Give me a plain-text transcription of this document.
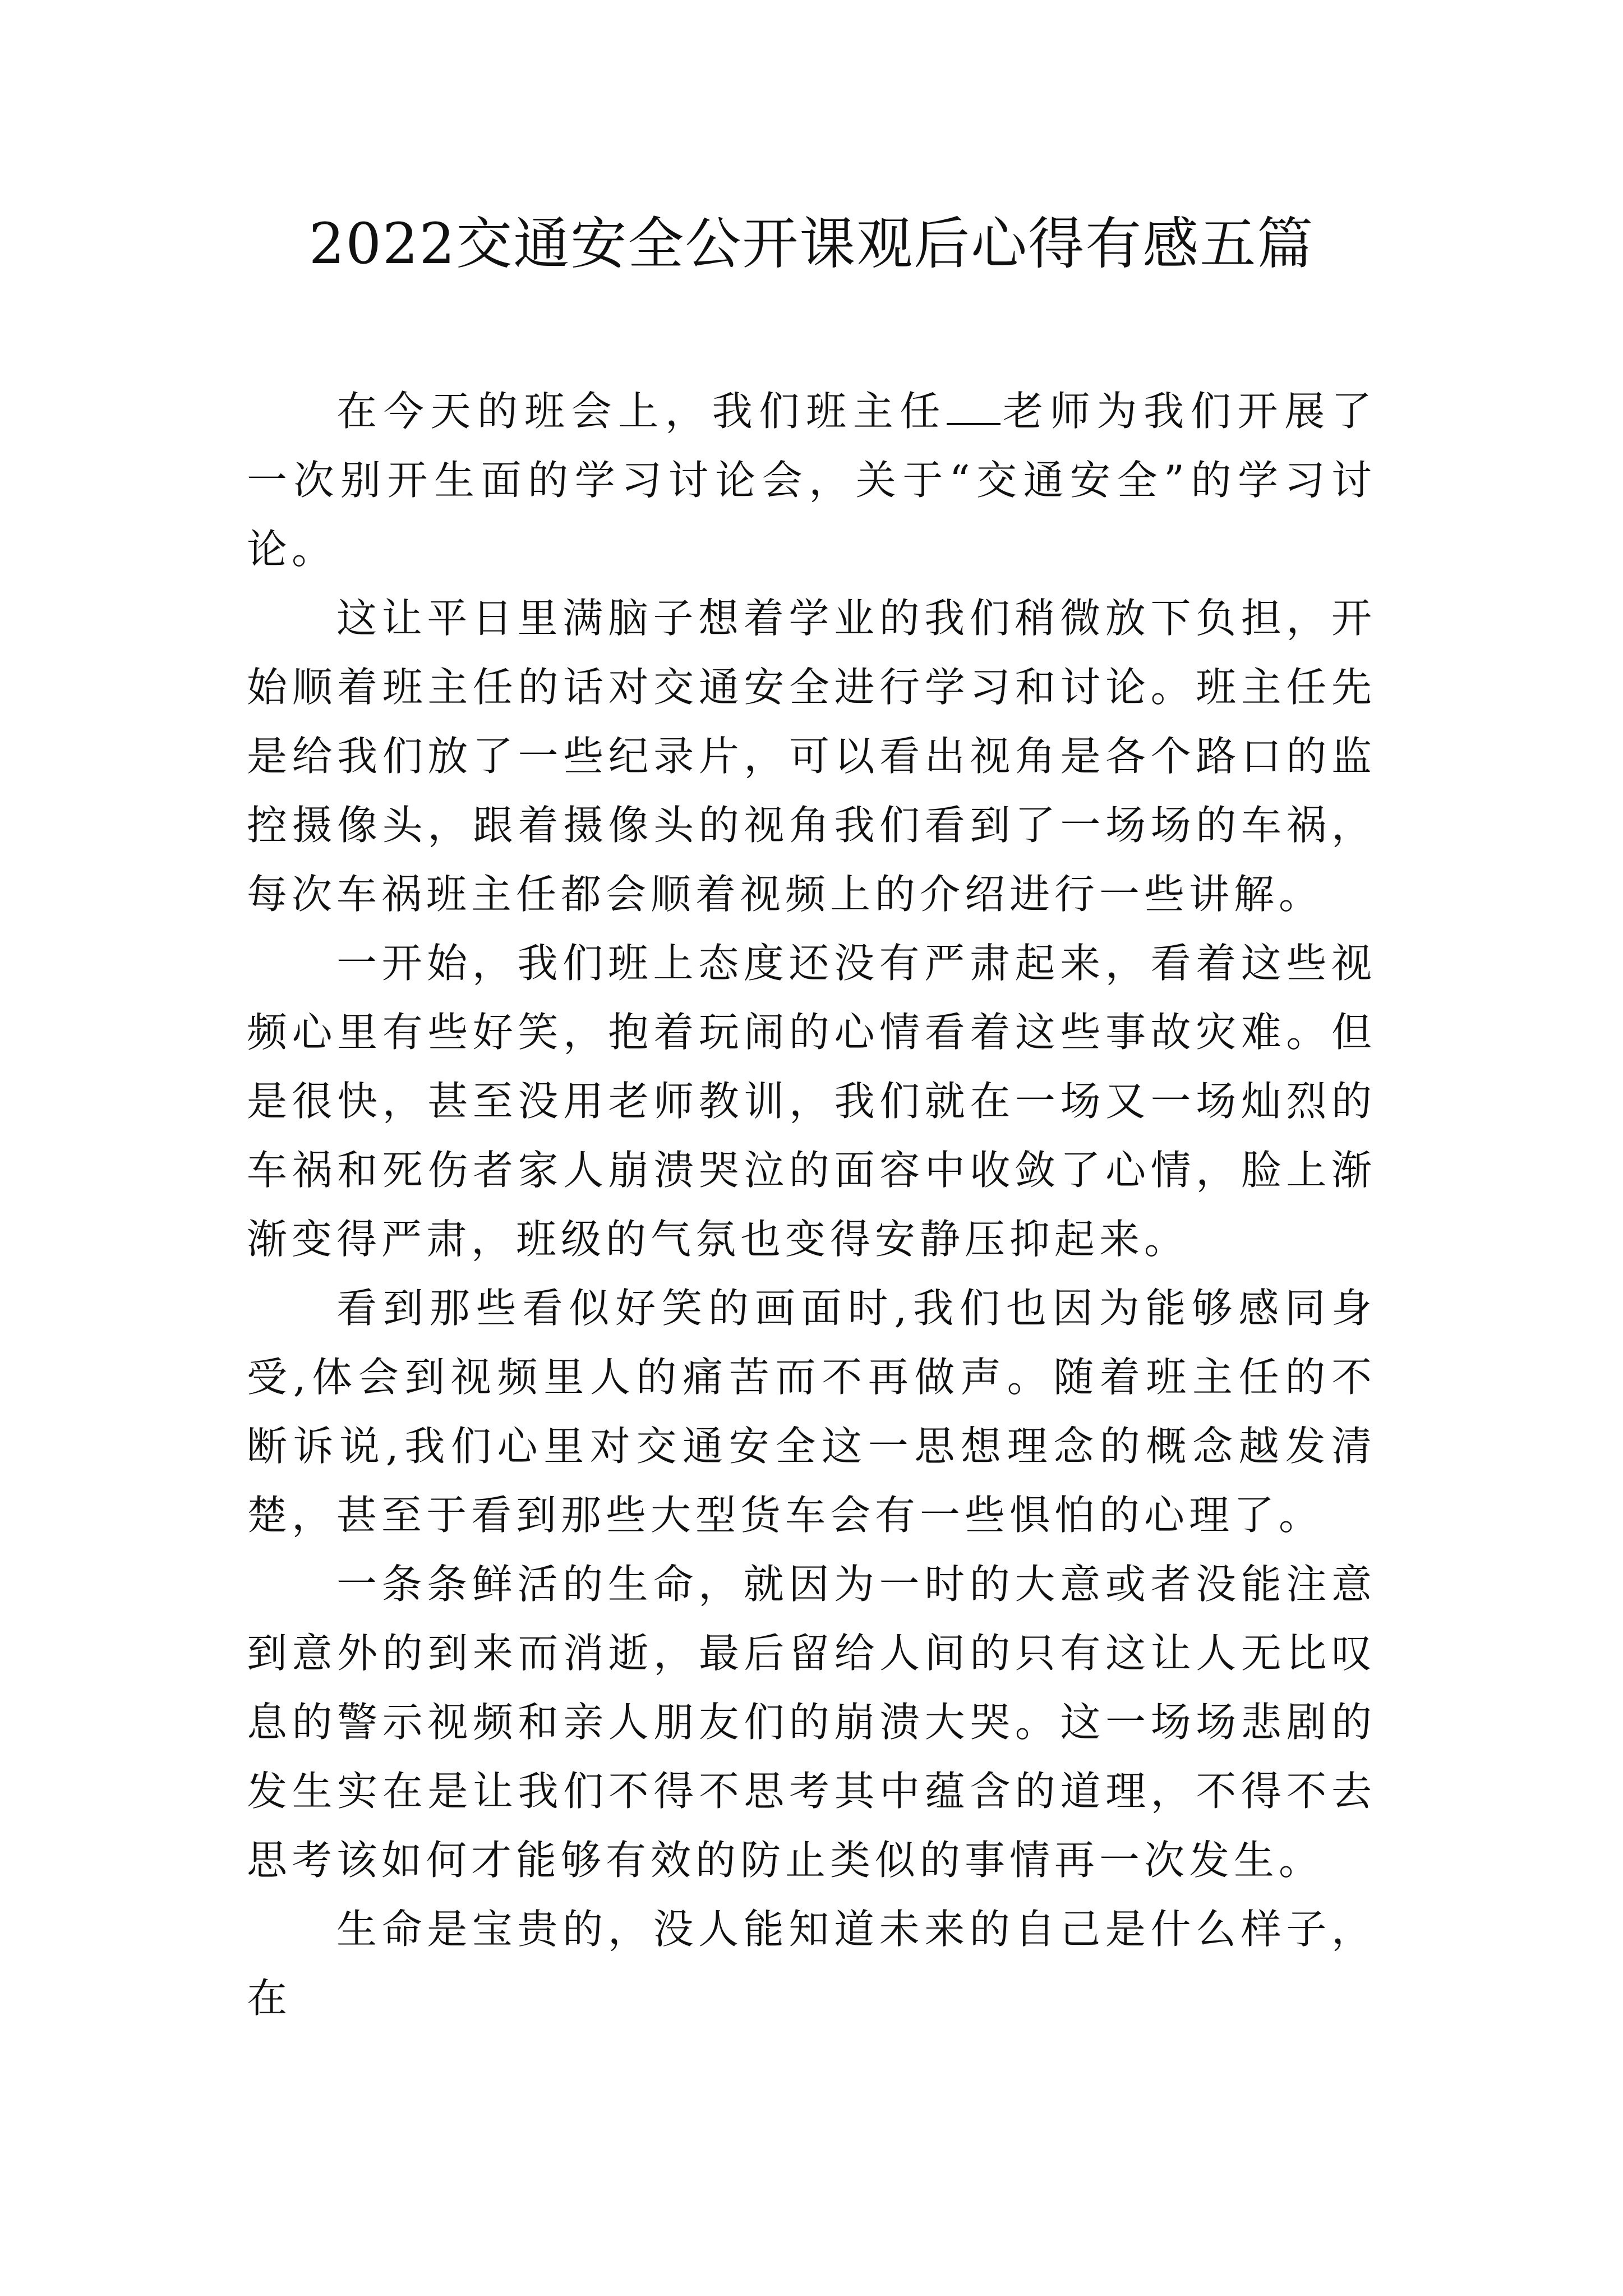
2022交通安全公开课观后心得有感五篇

在今天的班会上，我们班主任 老师为我们开展了一次别开生面的学习讨论会，关于“交通安全”的学习讨论。

这让平日里满脑子想着学业的我们稍微放下负担，开始顺着班主任的话对交通安全进行学习和讨论。班主任先是给我们放了一些纪录片，可以看出视角是各个路口的监控摄像头，跟着摄像头的视角我们看到了一场场的车祸，每次车祸班主任都会顺着视频上的介绍进行一些讲解。

一开始，我们班上态度还没有严肃起来，看着这些视频心里有些好笑，抱着玩闹的心情看着这些事故灾难。但是很快，甚至没用老师教训，我们就在一场又一场灿烈的车祸和死伤者家人崩溃哭泣的面容中收敛了心情，脸上渐渐变得严肃，班级的气氛也变得安静压抑起来。

看到那些看似好笑的画面时,我们也因为能够感同身受,体会到视频里人的痛苦而不再做声。随着班主任的不断诉说,我们心里对交通安全这一思想理念的概念越发清楚，甚至于看到那些大型货车会有一些惧怕的心理了。

一条条鲜活的生命，就因为一时的大意或者没能注意到意外的到来而消逝，最后留给人间的只有这让人无比叹息的警示视频和亲人朋友们的崩溃大哭。这一场场悲剧的发生实在是让我们不得不思考其中蕴含的道理，不得不去思考该如何才能够有效的防止类似的事情再一次发生。

生命是宝贵的，没人能知道未来的自己是什么样子，在
